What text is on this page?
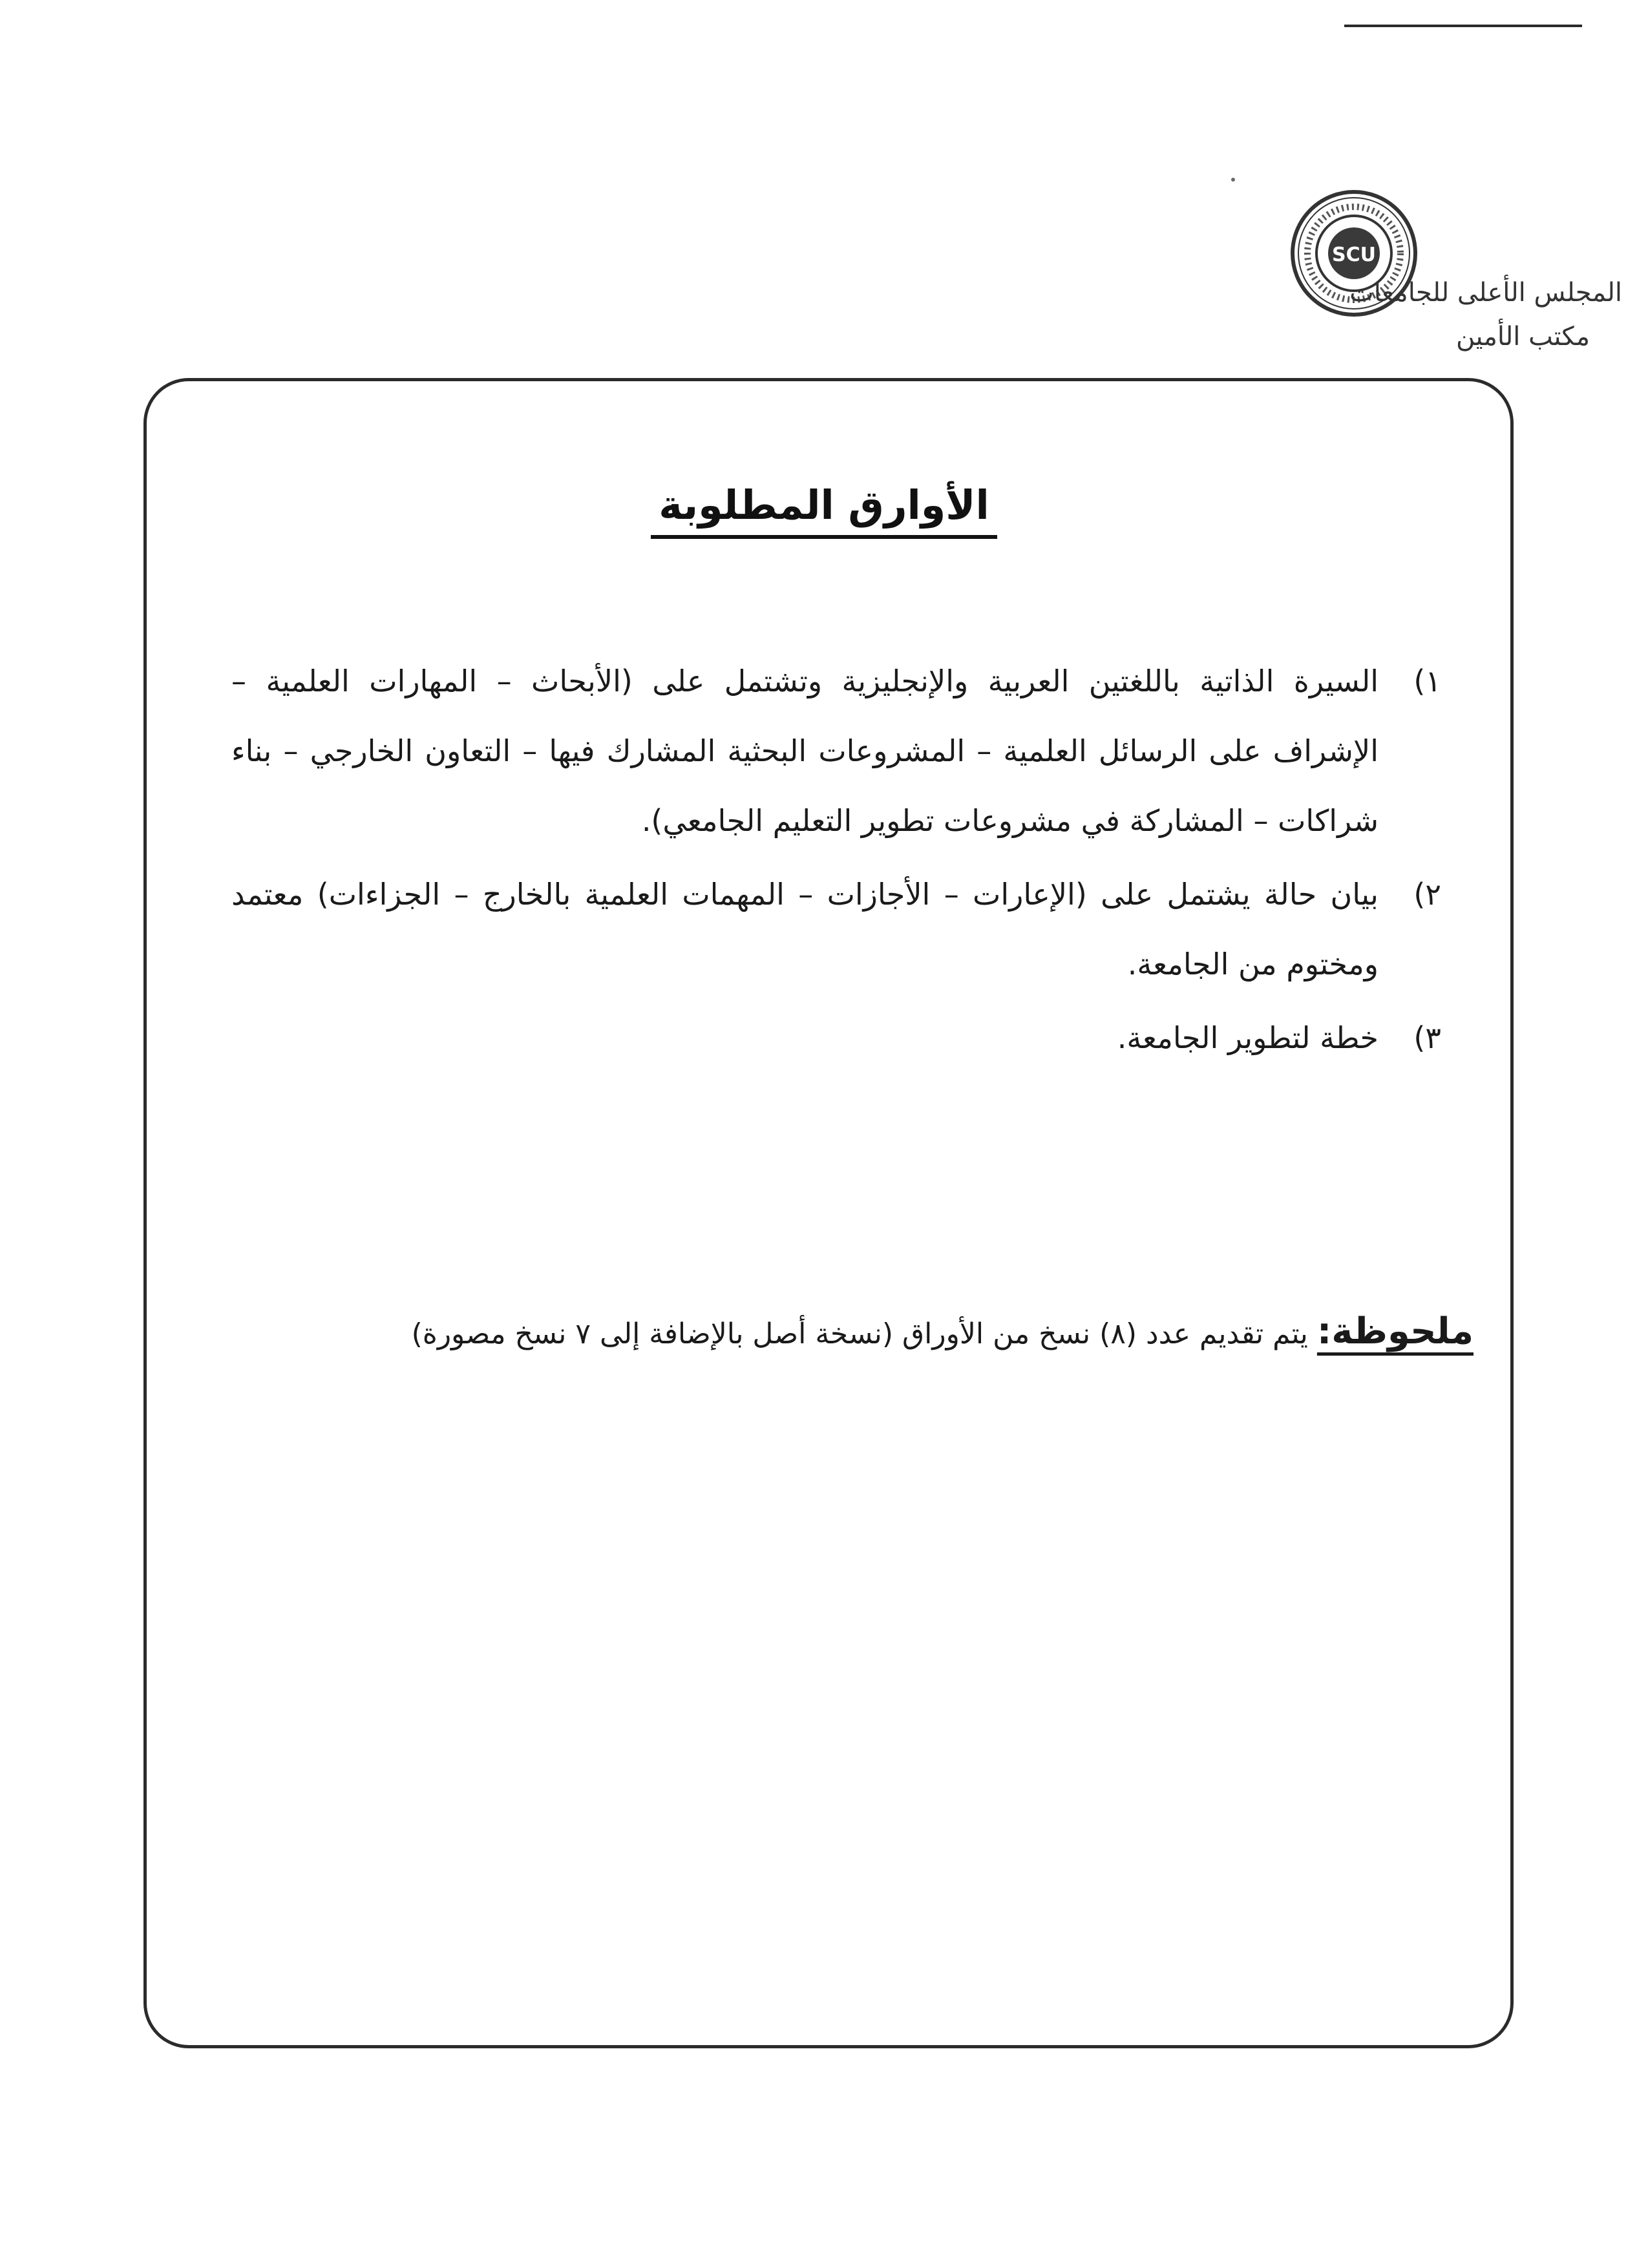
SCU
المجلس الأعلى للجامعات
مكتب الأمين
الأوارق المطلوبة
١)
السيرة الذاتية باللغتين العربية والإنجليزية وتشتمل على (الأبحاث – المهارات العلمية – الإشراف على الرسائل العلمية – المشروعات البحثية المشارك فيها – التعاون الخارجي – بناء شراكات – المشاركة في مشروعات تطوير التعليم الجامعي).
٢)
بيان حالة يشتمل على (الإعارات – الأجازات – المهمات العلمية بالخارج – الجزاءات) معتمد ومختوم من الجامعة.
٣)
خطة لتطوير الجامعة.
ملحوظة: يتم تقديم عدد (٨) نسخ من الأوراق (نسخة أصل بالإضافة إلى ٧ نسخ مصورة)
